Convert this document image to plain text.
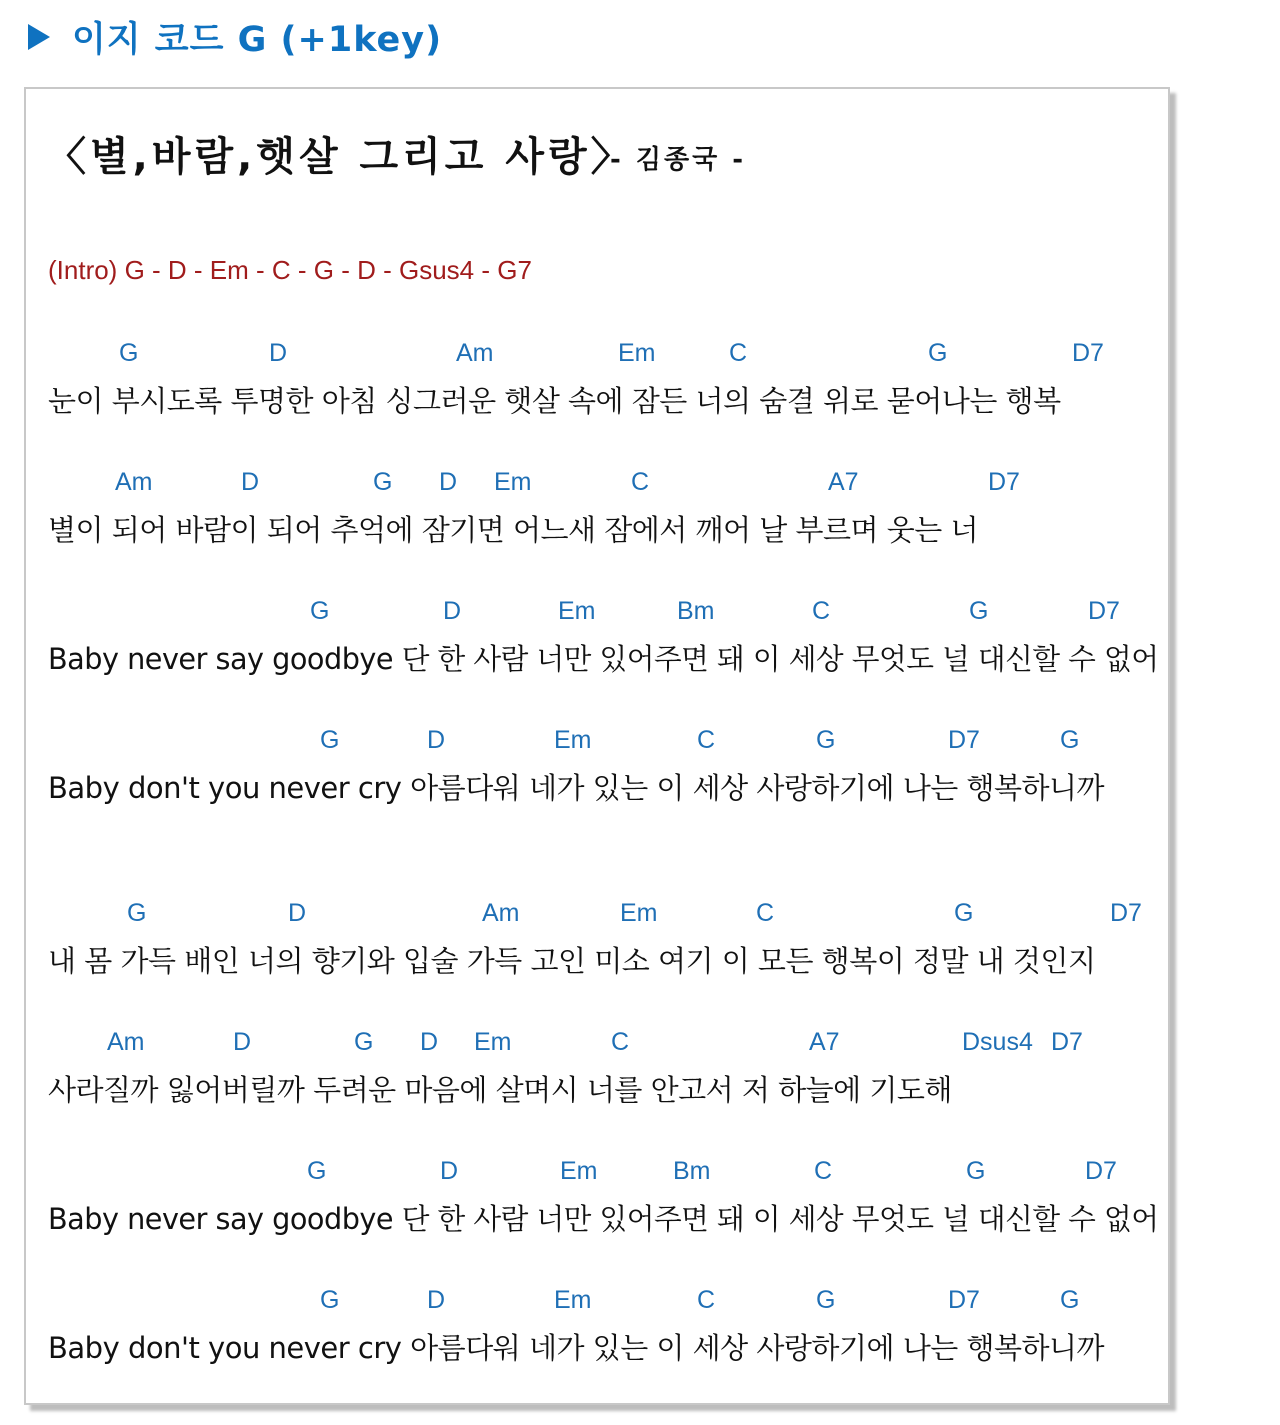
이지 코드 G (+1key)
〈별,바람,햇살 그리고 사랑〉
- 김종국 -
(Intro) G - D - Em - C - G - D - Gsus4 - G7
G	D	Am	Em	C	G	D7
눈이 부시도록 투명한 아침 싱그러운 햇살 속에 잠든 너의 숨결 위로 묻어나는 행복
Am	D	G D Em	C	A7	D7
별이 되어 바람이 되어 추억에 잠기면 어느새 잠에서 깨어 날 부르며 웃는 너
G	D	Em	Bm	C	G	D7
Baby never say goodbye 단 한 사람 너만 있어주면 돼 이 세상 무엇도 널 대신할 수 없어
G	D	Em	C	G	D7	G
Baby don't you never cry 아름다워 네가 있는 이 세상 사랑하기에 나는 행복하니까
G	D	Am	Em	C	G	D7
내 몸 가득 배인 너의 향기와 입술 가득 고인 미소 여기 이 모든 행복이 정말 내 것인지
Am	D	G D Em	C	A7	Dsus4 D7
사라질까 잃어버릴까 두려운 마음에 살며시 너를 안고서 저 하늘에 기도해
G	D	Em	Bm	C	G	D7
Baby never say goodbye 단 한 사람 너만 있어주면 돼 이 세상 무엇도 널 대신할 수 없어
G	D	Em	C	G	D7	G
Baby don't you never cry 아름다워 네가 있는 이 세상 사랑하기에 나는 행복하니까
